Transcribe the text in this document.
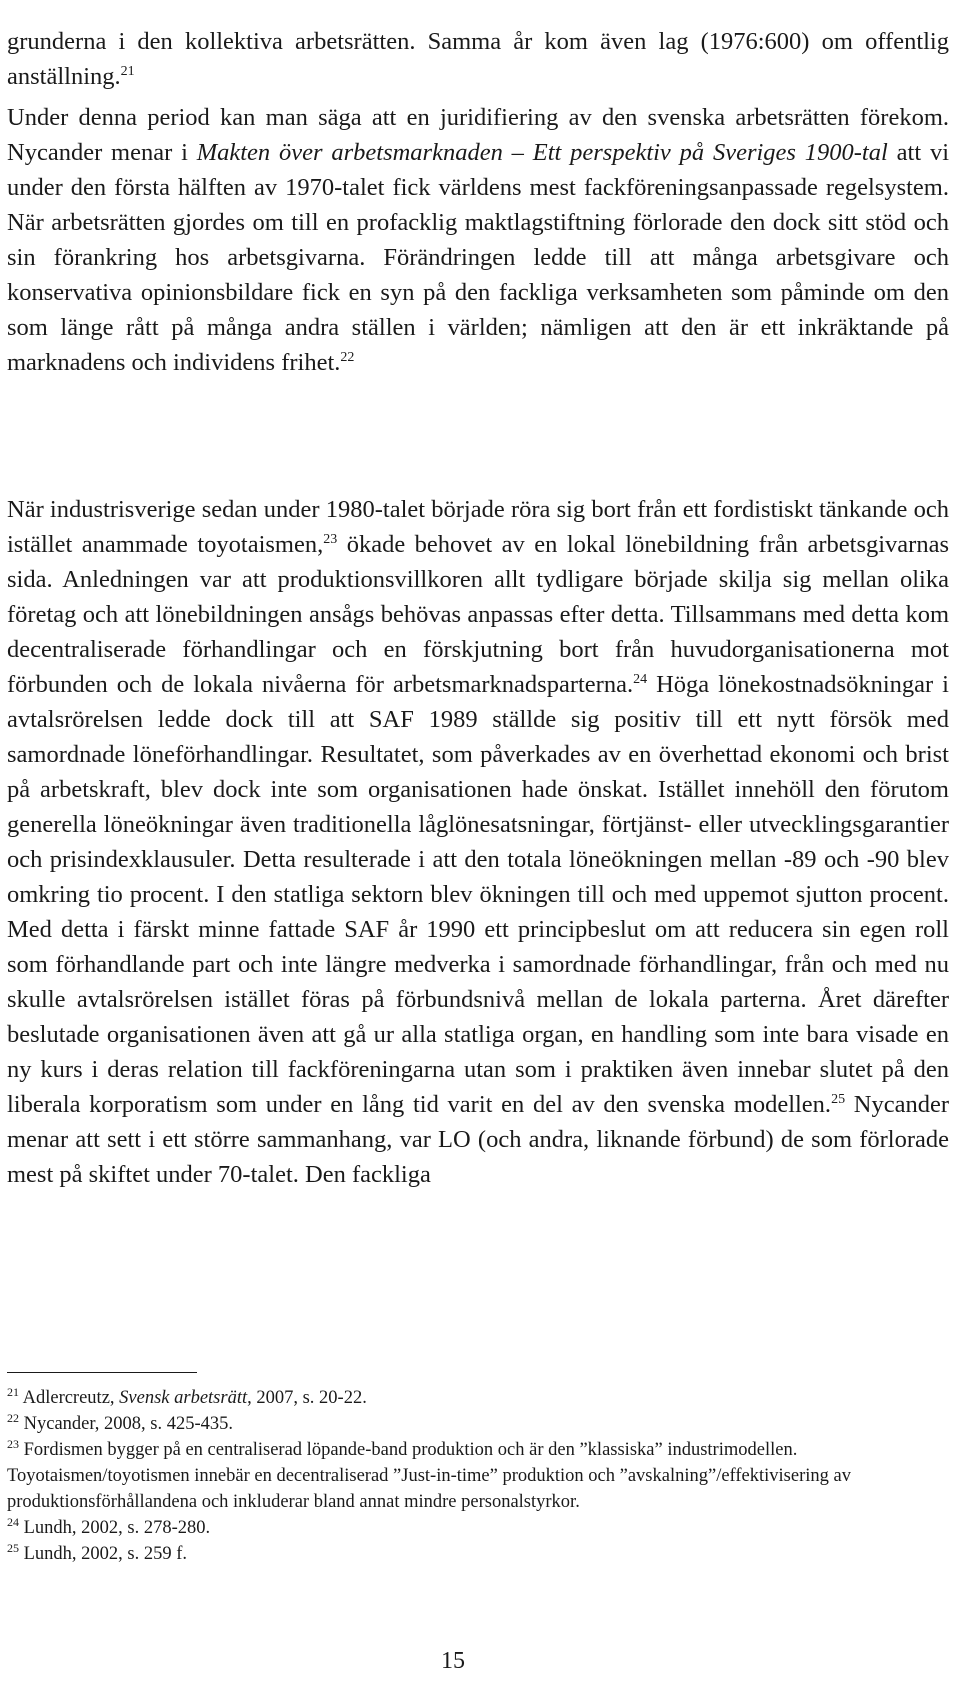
grunderna i den kollektiva arbetsrätten. Samma år kom även lag (1976:600) om offentlig anställning.$^{21}$

Under denna period kan man säga att en juridifiering av den svenska arbetsrätten förekom. Nycander menar i Makten över arbetsmarknaden – Ett perspektiv på Sveriges 1900-tal att vi under den första hälften av 1970-talet fick världens mest fackföreningsanpassade regelsystem. När arbetsrätten gjordes om till en profacklig maktlagstiftning förlorade den dock sitt stöd och sin förankring hos arbetsgivarna. Förändringen ledde till att många arbetsgivare och konservativa opinionsbildare fick en syn på den fackliga verksamheten som påminde om den som länge rått på många andra ställen i världen; nämligen att den är ett inkräktande på marknadens och individens frihet.$^{22}$

När industrisverige sedan under 1980-talet började röra sig bort från ett fordistiskt tänkande och istället anammade toyotaismen,$^{23}$ ökade behovet av en lokal lönebildning från arbetsgivarnas sida. Anledningen var att produktionsvillkoren allt tydligare började skilja sig mellan olika företag och att lönebildningen ansågs behövas anpassas efter detta. Tillsammans med detta kom decentraliserade förhandlingar och en förskjutning bort från huvudorganisationerna mot förbunden och de lokala nivåerna för arbetsmarknadsparterna.$^{24}$ Höga lönekostnadsökningar i avtalsrörelsen ledde dock till att SAF 1989 ställde sig positiv till ett nytt försök med samordnade löneförhandlingar. Resultatet, som påverkades av en överhettad ekonomi och brist på arbetskraft, blev dock inte som organisationen hade önskat. Istället innehöll den förutom generella löneökningar även traditionella låglönesatsningar, förtjänst- eller utvecklingsgarantier och prisindexklausuler. Detta resulterade i att den totala löneökningen mellan -89 och -90 blev omkring tio procent. I den statliga sektorn blev ökningen till och med uppemot sjutton procent. Med detta i färskt minne fattade SAF år 1990 ett principbeslut om att reducera sin egen roll som förhandlande part och inte längre medverka i samordnade förhandlingar, från och med nu skulle avtalsrörelsen istället föras på förbundsnivå mellan de lokala parterna. Året därefter beslutade organisationen även att gå ur alla statliga organ, en handling som inte bara visade en ny kurs i deras relation till fackföreningarna utan som i praktiken även innebar slutet på den liberala korporatism som under en lång tid varit en del av den svenska modellen.$^{25}$ Nycander menar att sett i ett större sammanhang, var LO (och andra, liknande förbund) de som förlorade mest på skiftet under 70-talet. Den fackliga

$^{21}$ Adlercreutz, Svensk arbetsrätt, 2007, s. 20-22.

$^{22}$ Nycander, 2008, s. 425-435.

$^{23}$ Fordismen bygger på en centraliserad löpande-band produktion och är den ”klassiska” industrimodellen. Toyotaismen/toyotismen innebär en decentraliserad ”Just-in-time” produktion och ”avskalning”/effektivisering av produktionsförhållandena och inkluderar bland annat mindre personalstyrkor.

$^{24}$ Lundh, 2002, s. 278-280.

$^{25}$ Lundh, 2002, s. 259 f.

15
